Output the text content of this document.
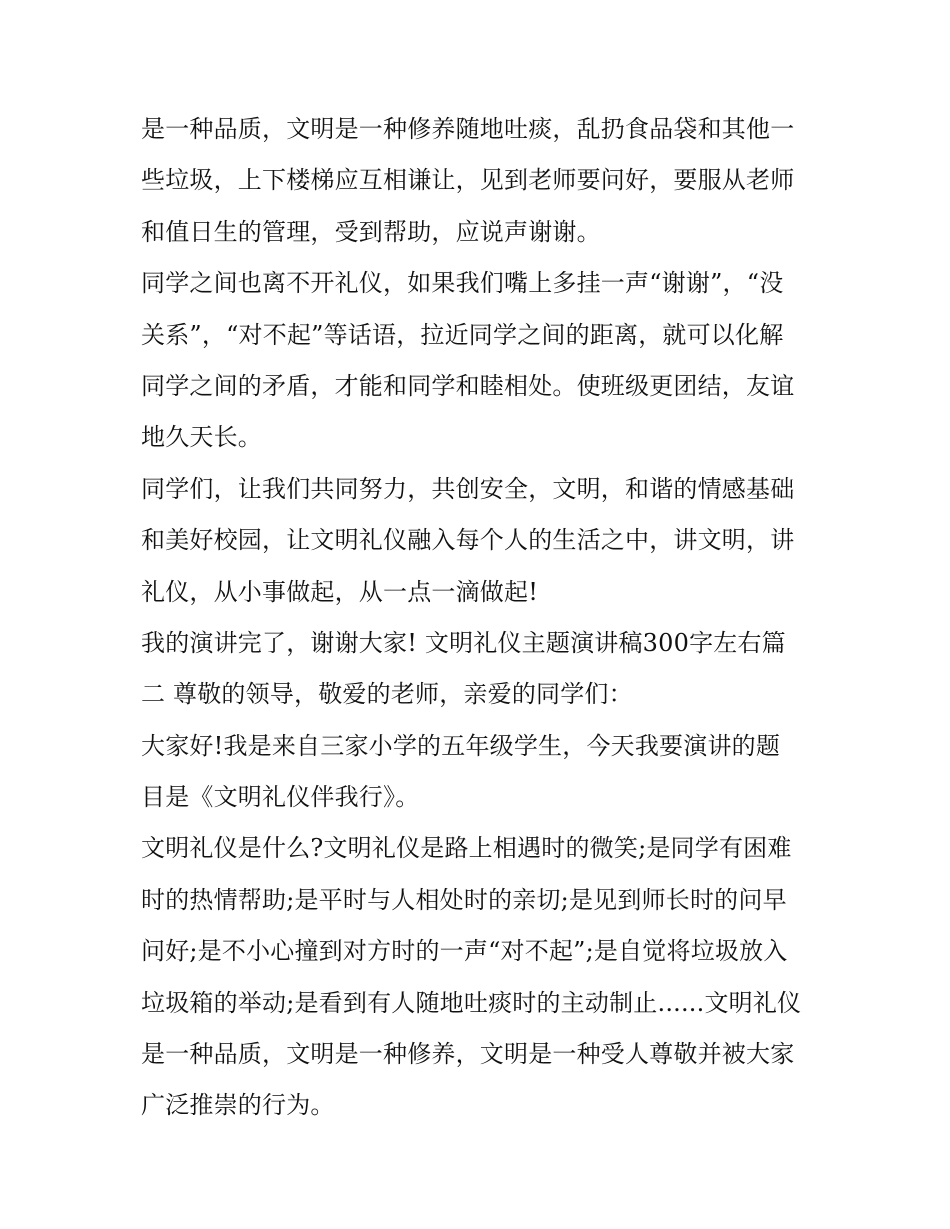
是一种品质，文明是一种修养随地吐痰，乱扔食品袋和其他一
些垃圾，上下楼梯应互相谦让，见到老师要问好，要服从老师
和值日生的管理，受到帮助，应说声谢谢。
同学之间也离不开礼仪，如果我们嘴上多挂一声“谢谢”，“没
关系”，“对不起”等话语，拉近同学之间的距离，就可以化解
同学之间的矛盾，才能和同学和睦相处。使班级更团结，友谊
地久天长。
同学们，让我们共同努力，共创安全，文明，和谐的情感基础
和美好校园，让文明礼仪融入每个人的生活之中，讲文明，讲
礼仪，从小事做起，从一点一滴做起!
我的演讲完了，谢谢大家! 文明礼仪主题演讲稿300字左右篇
二 尊敬的领导，敬爱的老师，亲爱的同学们：
大家好!我是来自三家小学的五年级学生，今天我要演讲的题
目是《文明礼仪伴我行》。
文明礼仪是什么?文明礼仪是路上相遇时的微笑;是同学有困难
时的热情帮助;是平时与人相处时的亲切;是见到师长时的问早
问好;是不小心撞到对方时的一声“对不起”;是自觉将垃圾放入
垃圾箱的举动;是看到有人随地吐痰时的主动制止......文明礼仪
是一种品质，文明是一种修养，文明是一种受人尊敬并被大家
广泛推崇的行为。
